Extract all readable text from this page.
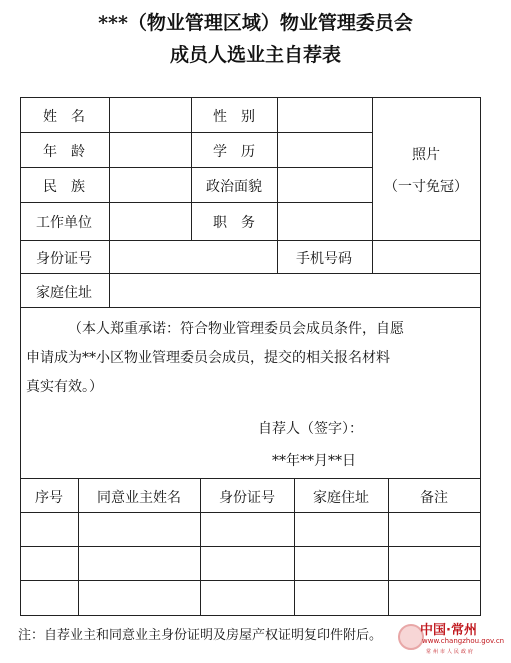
***（物业管理区域）物业管理委员会
成员人选业主自荐表
姓　名	性　别
年　龄	学　历
民　族	政治面貌
工作单位	职　务
照片
（一寸免冠）
身份证号	手机号码
家庭住址
（本人郑重承诺：符合物业管理委员会成员条件，自愿
申请成为**小区物业管理委员会成员，提交的相关报名材料
真实有效。）
自荐人（签字）：
**年**月**日
序号 同意业主姓名	身份证号	家庭住址	备注
注：自荐业主和同意业主身份证明及房屋产权证明复印件附后。	中国·常州
www.changzhou.gov.cn
常州市人民政府
